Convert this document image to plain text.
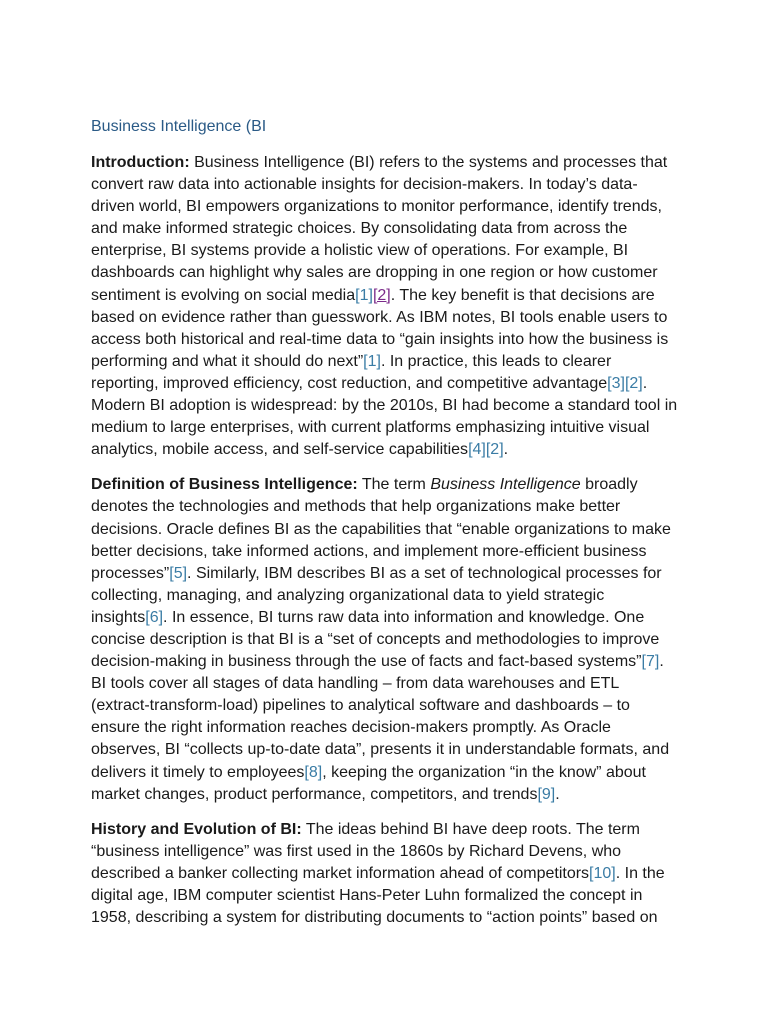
Business Intelligence (BI

Introduction: Business Intelligence (BI) refers to the systems and processes that convert raw data into actionable insights for decision-makers. In today’s data-driven world, BI empowers organizations to monitor performance, identify trends, and make informed strategic choices. By consolidating data from across the enterprise, BI systems provide a holistic view of operations. For example, BI dashboards can highlight why sales are dropping in one region or how customer sentiment is evolving on social media[1][2]. The key benefit is that decisions are based on evidence rather than guesswork. As IBM notes, BI tools enable users to access both historical and real-time data to “gain insights into how the business is performing and what it should do next”[1]. In practice, this leads to clearer reporting, improved efficiency, cost reduction, and competitive advantage[3][2]. Modern BI adoption is widespread: by the 2010s, BI had become a standard tool in medium to large enterprises, with current platforms emphasizing intuitive visual analytics, mobile access, and self-service capabilities[4][2].

Definition of Business Intelligence: The term Business Intelligence broadly denotes the technologies and methods that help organizations make better decisions. Oracle defines BI as the capabilities that “enable organizations to make better decisions, take informed actions, and implement more-efficient business processes”[5]. Similarly, IBM describes BI as a set of technological processes for collecting, managing, and analyzing organizational data to yield strategic insights[6]. In essence, BI turns raw data into information and knowledge. One concise description is that BI is a “set of concepts and methodologies to improve decision-making in business through the use of facts and fact-based systems”[7]. BI tools cover all stages of data handling – from data warehouses and ETL (extract-transform-load) pipelines to analytical software and dashboards – to ensure the right information reaches decision-makers promptly. As Oracle observes, BI “collects up-to-date data”, presents it in understandable formats, and delivers it timely to employees[8], keeping the organization “in the know” about market changes, product performance, competitors, and trends[9].

History and Evolution of BI: The ideas behind BI have deep roots. The term “business intelligence” was first used in the 1860s by Richard Devens, who described a banker collecting market information ahead of competitors[10]. In the digital age, IBM computer scientist Hans-Peter Luhn formalized the concept in 1958, describing a system for distributing documents to “action points” based on
